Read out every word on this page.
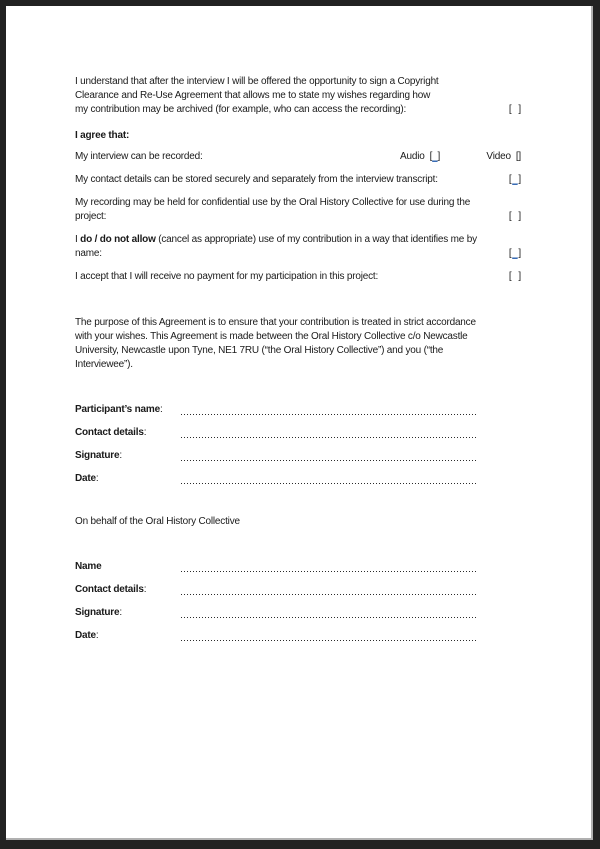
I understand that after the interview I will be offered the opportunity to sign a Copyright
Clearance and Re-Use Agreement that allows me to state my wishes regarding how
my contribution may be archived (for example, who can access the recording):	[ ]
I agree that:
My interview can be recorded:	Audio [_]	Video []
My contact details can be stored securely and separately from the interview transcript:	[_]
My recording may be held for confidential use by the Oral History Collective for use during the
project:	[ ]
I do / do not allow (cancel as appropriate) use of my contribution in a way that identifies me by
name:	[_]
I accept that I will receive no payment for my participation in this project:	[ ]
The purpose of this Agreement is to ensure that your contribution is treated in strict accordance
with your wishes. This Agreement is made between the Oral History Collective c/o Newcastle
University, Newcastle upon Tyne, NE1 7RU (“the Oral History Collective”) and you (“the
Interviewee”).
Participant’s name:
Contact details:
Signature:
Date:
On behalf of the Oral History Collective
Name
Contact details:
Signature:
Date:
